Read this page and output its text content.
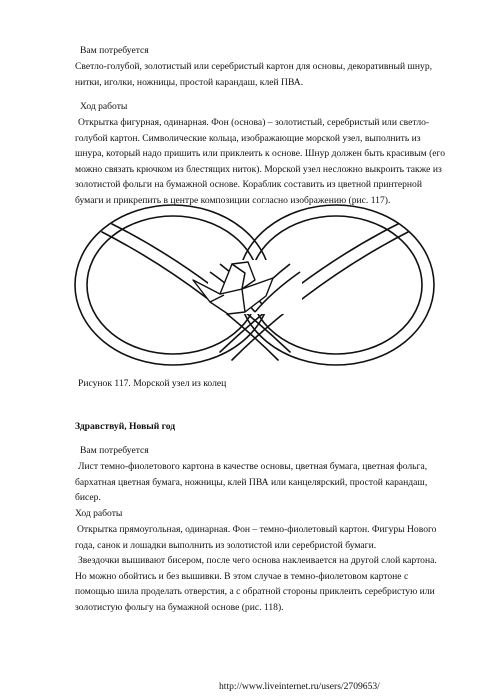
Вам потребуется
Светло-голубой, золотистый или серебристый картон для основы, декоративный шнур,
нитки, иголки, ножницы, простой карандаш, клей ПВА.
Ход работы
Открытка фигурная, одинарная. Фон (основа) – золотистый, серебристый или светло-
голубой картон. Символические кольца, изображающие морской узел, выполнить из
шнура, который надо пришить или приклеить к основе. Шнур должен быть красивым (его
можно связать крючком из блестящих ниток). Морской узел несложно выкроить также из
золотистой фольги на бумажной основе. Кораблик составить из цветной принтерной
бумаги и прикрепить в центре композиции согласно изображению (рис. 117).
Рисунок 117. Морской узел из колец
Здравствуй, Новый год
Вам потребуется
Лист темно-фиолетового картона в качестве основы, цветная бумага, цветная фольга,
бархатная цветная бумага, ножницы, клей ПВА или канцелярский, простой карандаш,
бисер.
Ход работы
Открытка прямоугольная, одинарная. Фон – темно-фиолетовый картон. Фигуры Нового
года, санок и лошадки выполнить из золотистой или серебристой бумаги.
Звездочки вышивают бисером, после чего основа наклеивается на другой слой картона.
Но можно обойтись и без вышивки. В этом случае в темно-фиолетовом картоне с
помощью шила проделать отверстия, а с обратной стороны приклеить серебристую или
золотистую фольгу на бумажной основе (рис. 118).
http://www.liveinternet.ru/users/2709653/
